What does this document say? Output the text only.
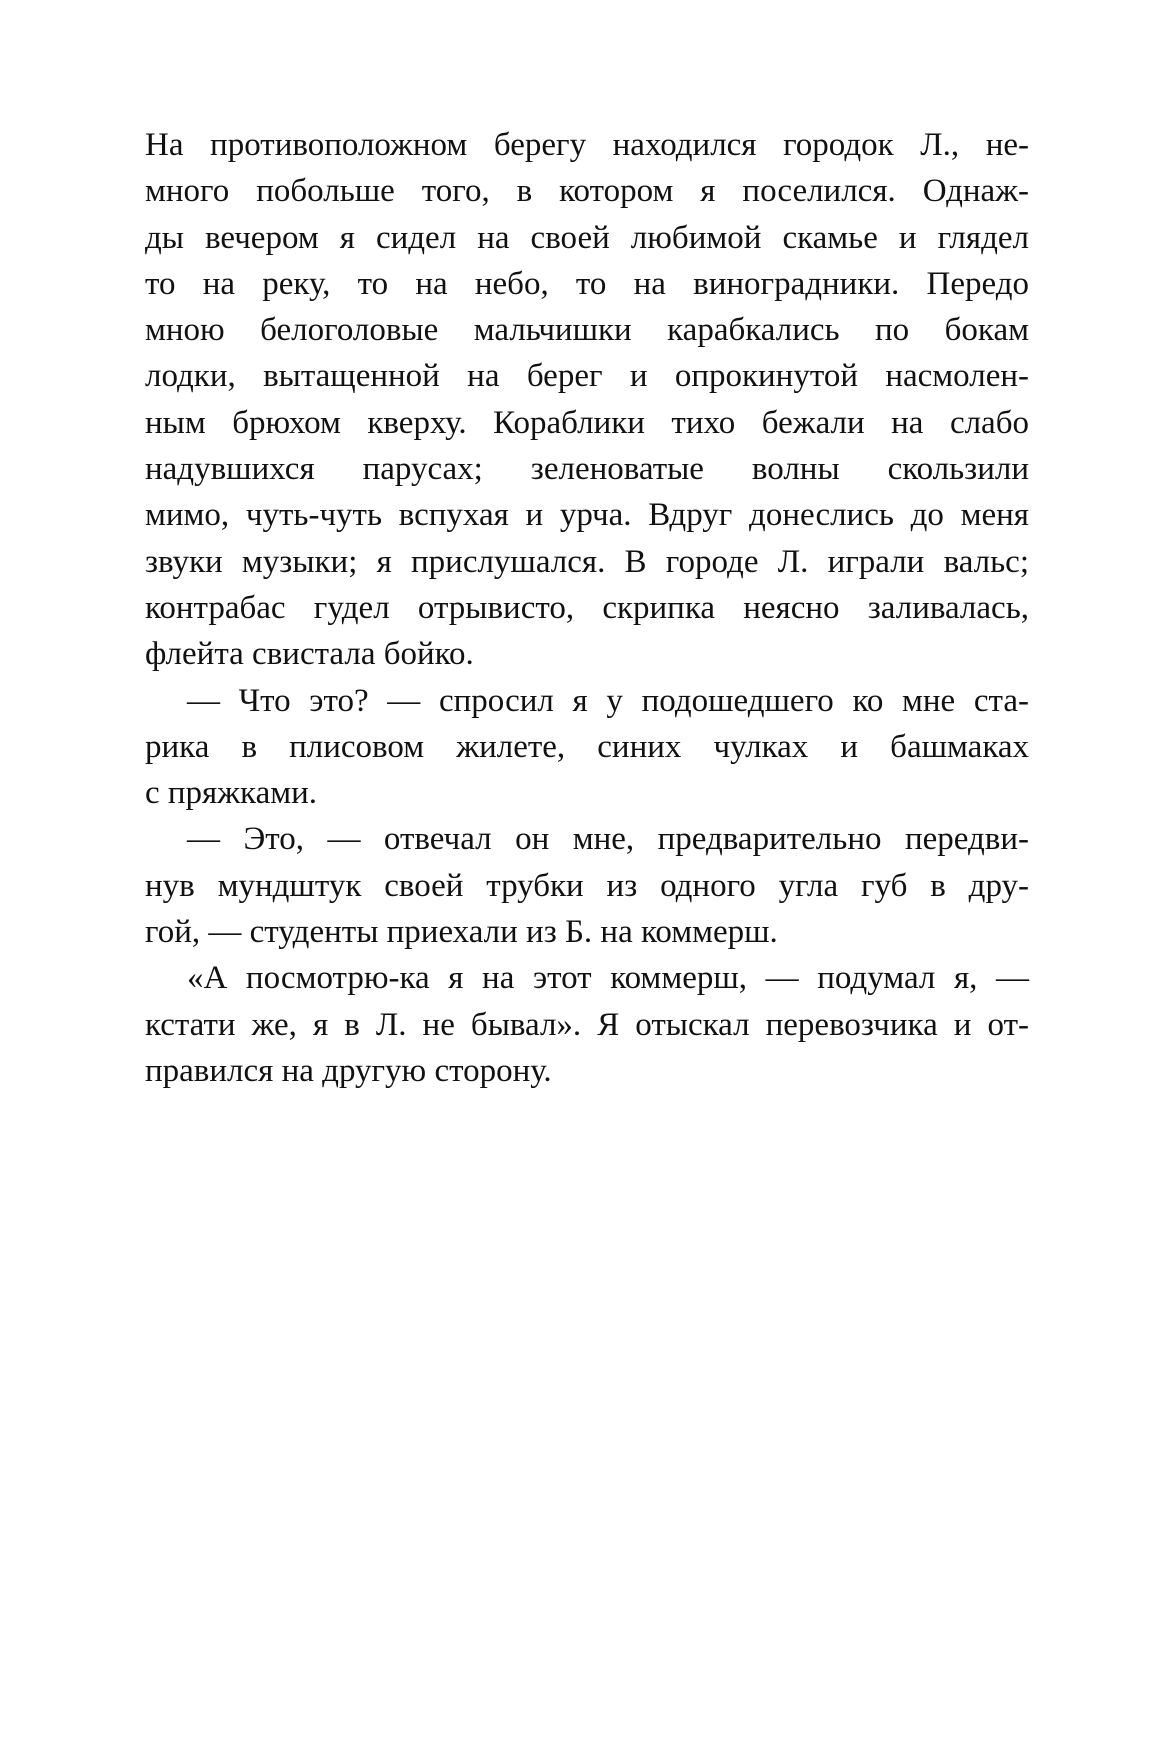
На противоположном берегу находился городок Л., не-
много побольше того, в котором я поселился. Однаж-
ды вечером я сидел на своей любимой скамье и глядел
то на реку, то на небо, то на виноградники. Передо
мною белоголовые мальчишки карабкались по бокам
лодки, вытащенной на берег и опрокинутой насмолен-
ным брюхом кверху. Кораблики тихо бежали на слабо
надувшихся парусах; зеленоватые волны скользили
мимо, чуть-чуть вспухая и урча. Вдруг донеслись до меня
звуки музыки; я прислушался. В городе Л. играли вальс;
контрабас гудел отрывисто, скрипка неясно заливалась,
флейта свистала бойко.
— Что это? — спросил я у подошедшего ко мне ста-
рика в плисовом жилете, синих чулках и башмаках
с пряжками.
— Это, — отвечал он мне, предварительно передви-
нув мундштук своей трубки из одного угла губ в дру-
гой, — студенты приехали из Б. на коммерш.
«А посмотрю-ка я на этот коммерш, — подумал я, —
кстати же, я в Л. не бывал». Я отыскал перевозчика и от-
правился на другую сторону.
